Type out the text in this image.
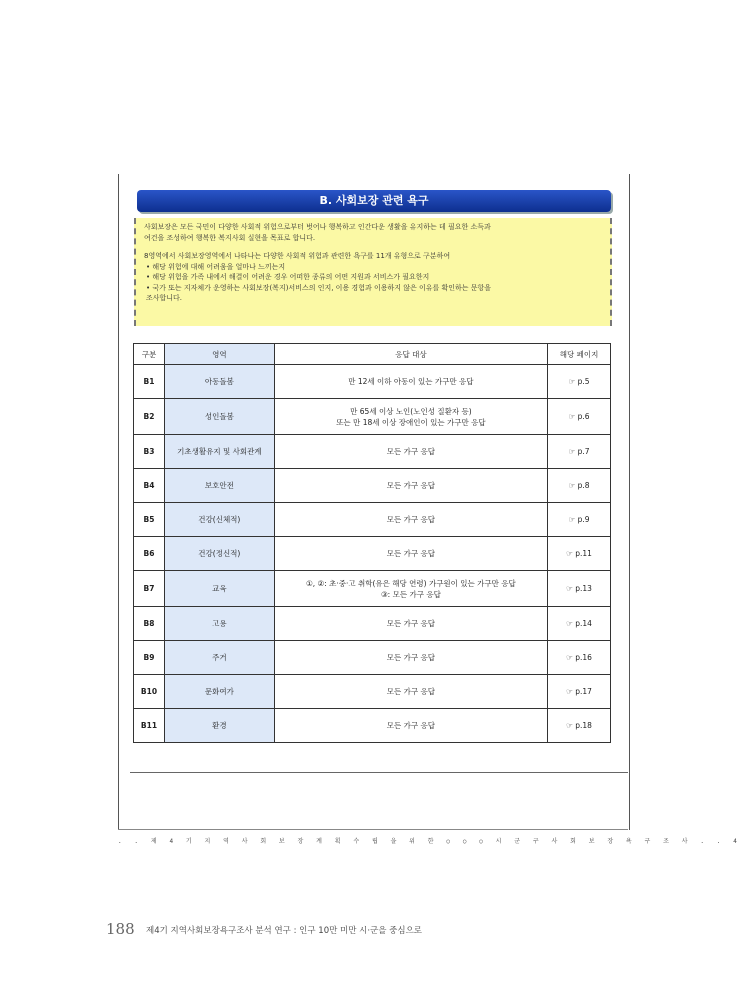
B. 사회보장 관련 욕구

사회보장은 모든 국민이 다양한 사회적 위험으로부터 벗어나 행복하고 인간다운 생활을 유지하는 데 필요한 소득과

여건을 조성하여 행복한 복지사회 실현을 목표로 합니다.

8영역에서 사회보장영역에서 나타나는 다양한 사회적 위험과 관련한 욕구를 11개 유형으로 구분하여

• 해당 위험에 대해 어려움을 얼마나 느끼는지

• 해당 위험을 가족 내에서 해결이 어려운 경우 어떠한 종류의 어떤 지원과 서비스가 필요한지

• 국가 또는 지자체가 운영하는 사회보장(복지)서비스의 인지, 이용 경험과 이용하지 않은 이유를 확인하는 문항을

조사합니다.

구분	영역	응답 대상	해당 페이지
B1	아동돌봄	만 12세 이하 아동이 있는 가구만 응답	☞ p.5
B2	성인돌봄	만 65세 이상 노인(노인성 질환자 등)
또는 만 18세 이상 장애인이 있는 가구만 응답	☞ p.6
B3	기초생활유지 및 사회관계	모든 가구 응답	☞ p.7
B4	보호안전	모든 가구 응답	☞ p.8
B5	건강(신체적)	모든 가구 응답	☞ p.9
B6	건강(정신적)	모든 가구 응답	☞ p.11
B7	교육	①, ②: 초·중·고 취학(유은 해당 연령) 가구원이 있는 가구만 응답
③: 모든 가구 응답	☞ p.13
B8	고용	모든 가구 응답	☞ p.14
B9	주거	모든 가구 응답	☞ p.16
B10	문화여가	모든 가구 응답	☞ p.17
B11	환경	모든 가구 응답	☞ p.18
. . 제 4 기 지 역 사 회 보 장 계 획 수 립 을 위 한 ○ ○ ○ 시 군 구 사 회 보 장 욕 구 조 사 . . 4
188 제4기 지역사회보장욕구조사 분석 연구 : 인구 10만 미만 시·군을 중심으로
